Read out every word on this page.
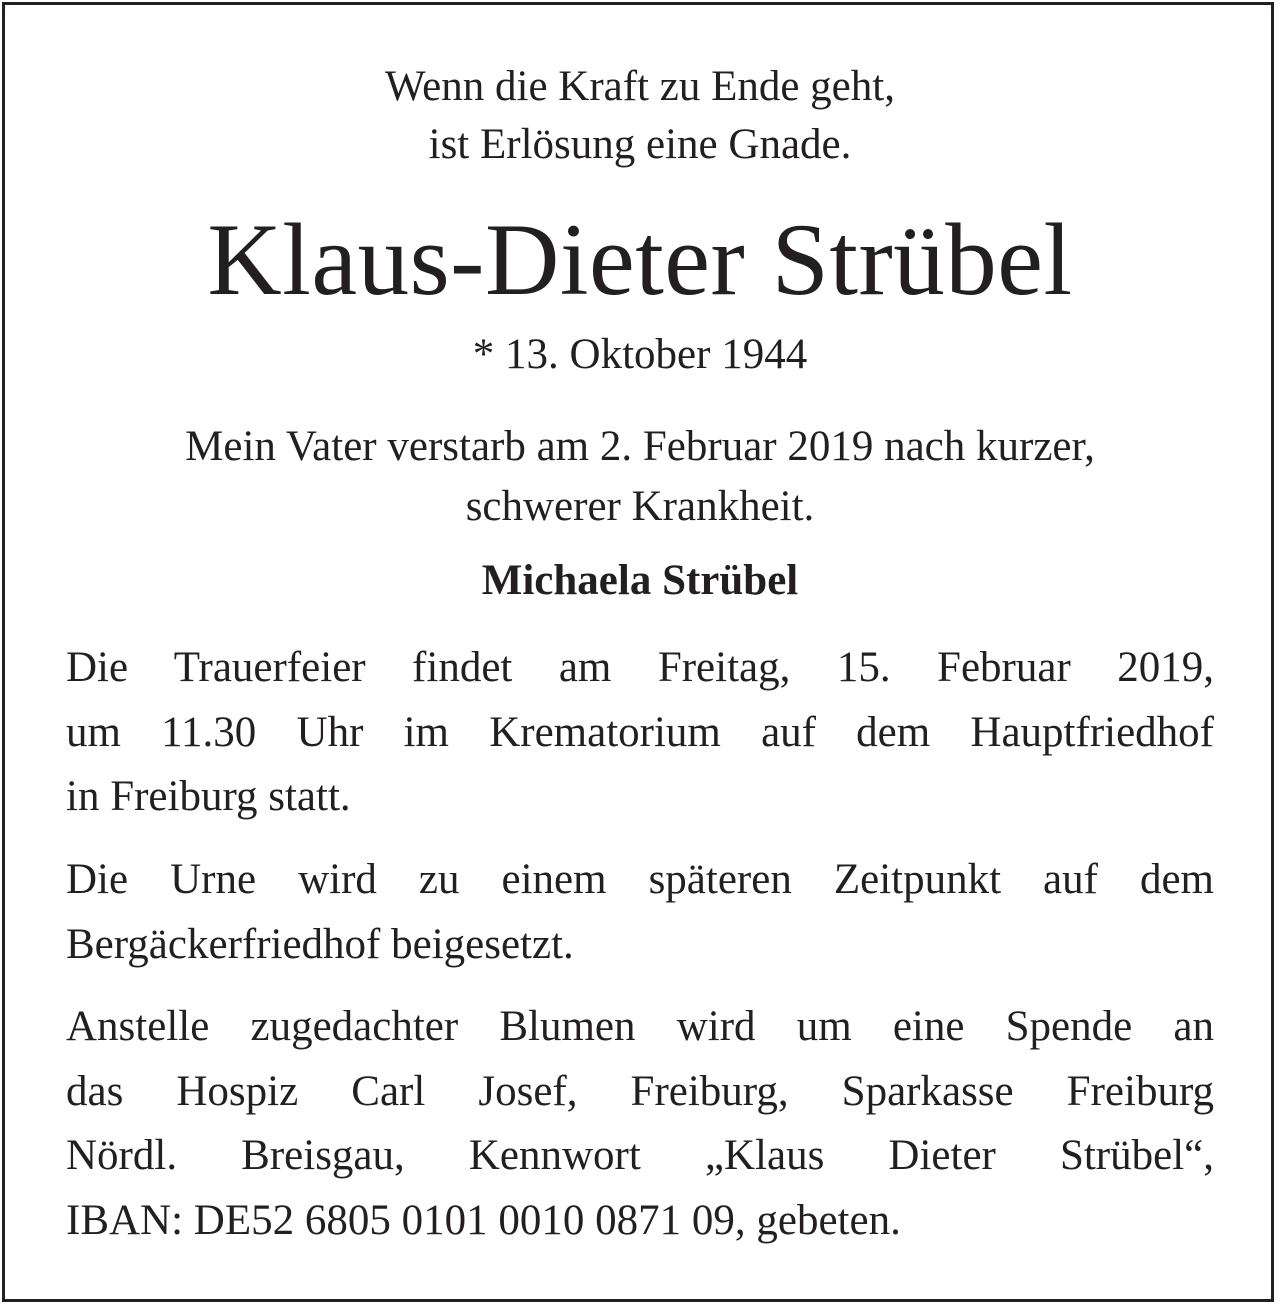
Wenn die Kraft zu Ende geht,
ist Erlösung eine Gnade.
Klaus-Dieter Strübel
* 13. Oktober 1944
Mein Vater verstarb am 2. Februar 2019 nach kurzer,
schwerer Krankheit.
Michaela Strübel
Die Trauerfeier findet am Freitag, 15. Februar 2019,
um 11.30 Uhr im Krematorium auf dem Hauptfriedhof
in Freiburg statt.
Die Urne wird zu einem späteren Zeitpunkt auf dem
Bergäckerfriedhof beigesetzt.
Anstelle zugedachter Blumen wird um eine Spende an
das Hospiz Carl Josef, Freiburg, Sparkasse Freiburg
Nördl. Breisgau, Kennwort „Klaus Dieter Strübel“,
IBAN: DE52 6805 0101 0010 0871 09, gebeten.
